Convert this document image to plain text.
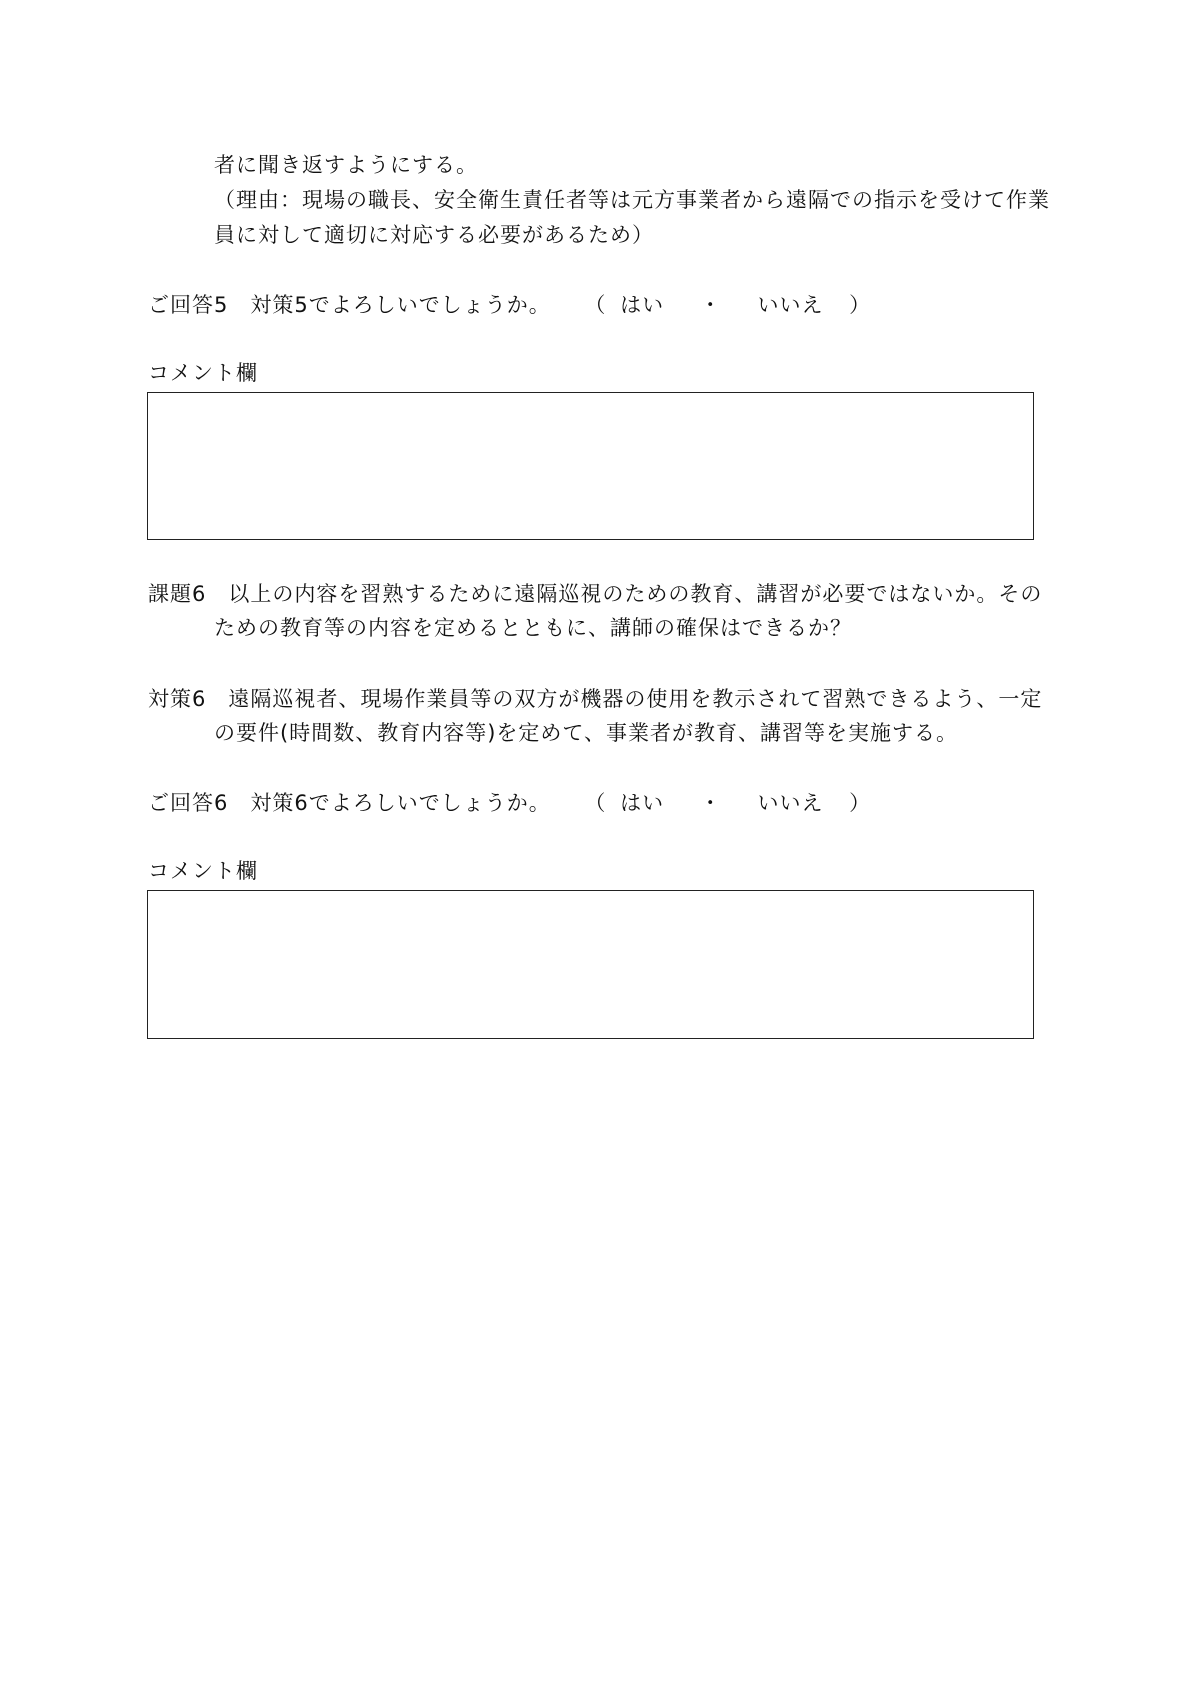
者に聞き返すようにする。
（理由：現場の職長、安全衛生責任者等は元方事業者から遠隔での指示を受けて作業
員に対して適切に対応する必要があるため）
ご回答5　対策5でよろしいでしょうか。 （ はい ・ いいえ ）
コメント欄
課題6　以上の内容を習熟するために遠隔巡視のための教育、講習が必要ではないか。その
ための教育等の内容を定めるとともに、講師の確保はできるか？
対策6　遠隔巡視者、現場作業員等の双方が機器の使用を教示されて習熟できるよう、一定
の要件(時間数、教育内容等)を定めて、事業者が教育、講習等を実施する。
ご回答6　対策6でよろしいでしょうか。 （ はい ・ いいえ ）
コメント欄
